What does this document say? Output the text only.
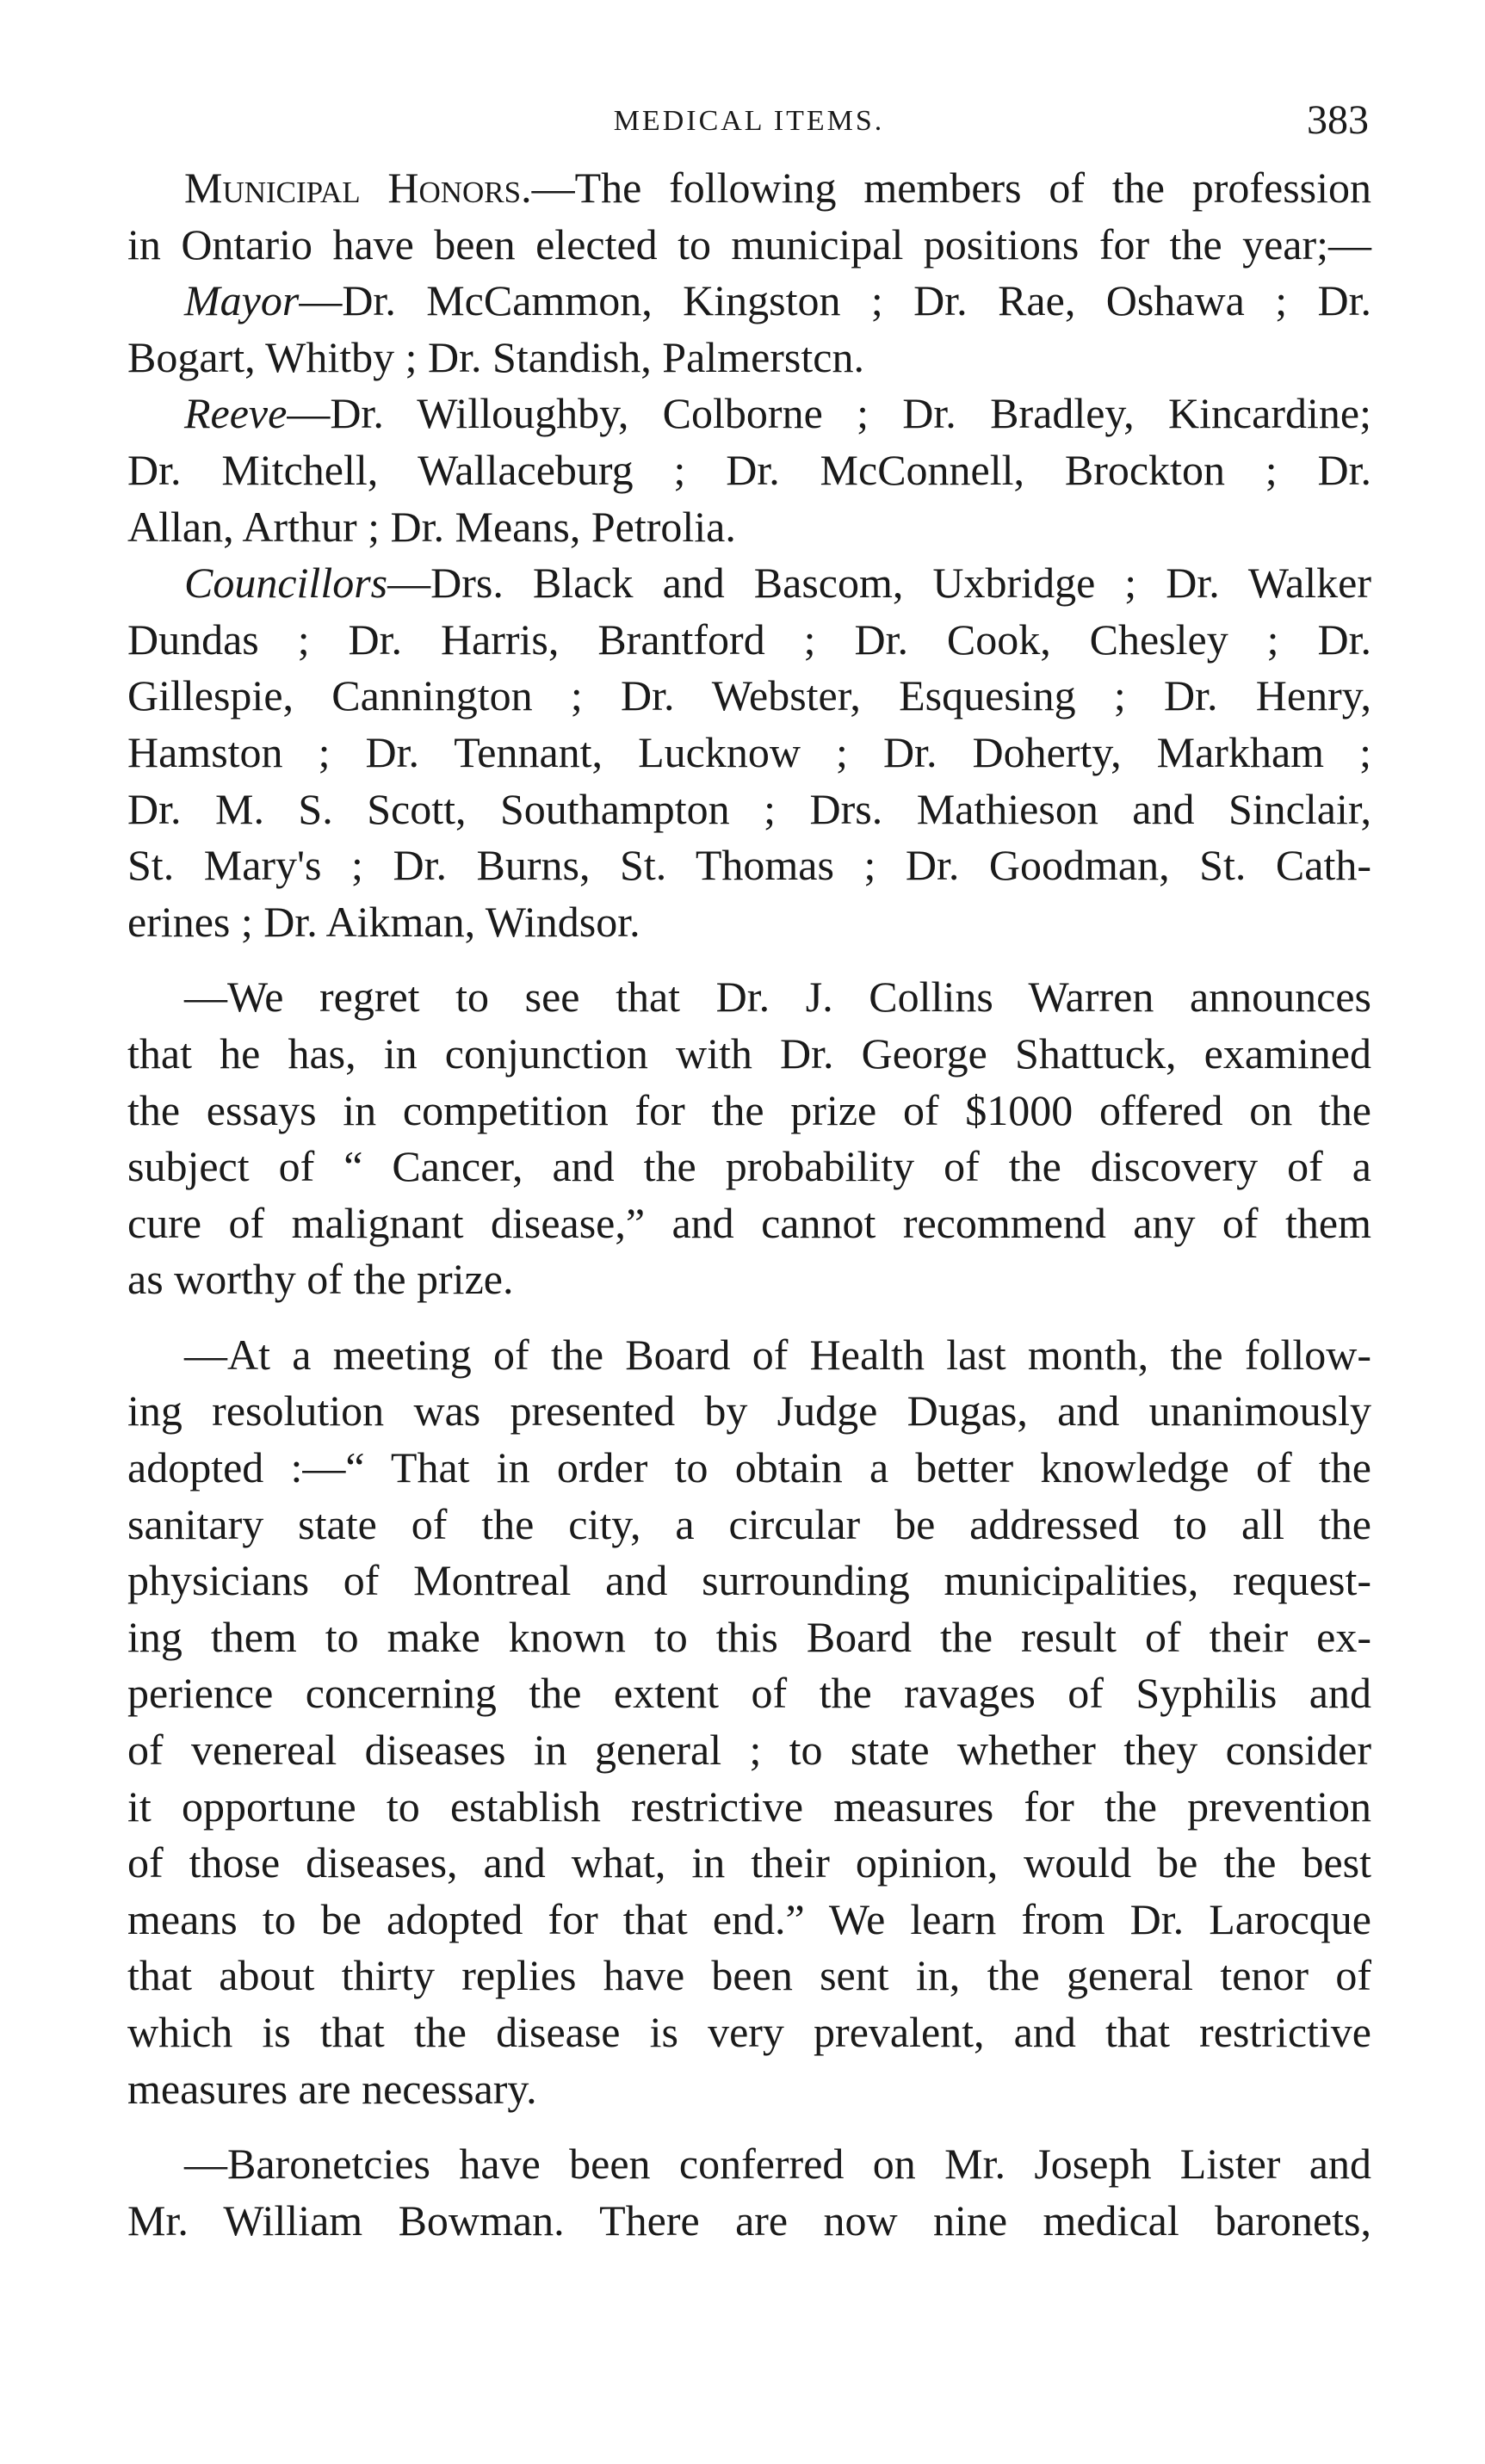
MEDICAL ITEMS.	383
Municipal Honors.—The following members of the profession
in Ontario have been elected to municipal positions for the year;—
Mayor—Dr. McCammon, Kingston ; Dr. Rae, Oshawa ; Dr.
Bogart, Whitby ; Dr. Standish, Palmerstcn.
Reeve—Dr. Willoughby, Colborne ; Dr. Bradley, Kincardine;
Dr. Mitchell, Wallaceburg ; Dr. McConnell, Brockton ; Dr.
Allan, Arthur ; Dr. Means, Petrolia.
Councillors—Drs. Black and Bascom, Uxbridge ; Dr. Walker
Dundas ; Dr. Harris, Brantford ; Dr. Cook, Chesley ; Dr.
Gillespie, Cannington ; Dr. Webster, Esquesing ; Dr. Henry,
Hamston ; Dr. Tennant, Lucknow ; Dr. Doherty, Markham ;
Dr. M. S. Scott, Southampton ; Drs. Mathieson and Sinclair,
St. Mary's ; Dr. Burns, St. Thomas ; Dr. Goodman, St. Cath-
erines ; Dr. Aikman, Windsor.
—We regret to see that Dr. J. Collins Warren announces
that he has, in conjunction with Dr. George Shattuck, examined
the essays in competition for the prize of $1000 offered on the
subject of “ Cancer, and the probability of the discovery of a
cure of malignant disease,” and cannot recommend any of them
as worthy of the prize.
—At a meeting of the Board of Health last month, the follow-
ing resolution was presented by Judge Dugas, and unanimously
adopted :—“ That in order to obtain a better knowledge of the
sanitary state of the city, a circular be addressed to all the
physicians of Montreal and surrounding municipalities, request-
ing them to make known to this Board the result of their ex-
perience concerning the extent of the ravages of Syphilis and
of venereal diseases in general ; to state whether they consider
it opportune to establish restrictive measures for the prevention
of those diseases, and what, in their opinion, would be the best
means to be adopted for that end.” We learn from Dr. Larocque
that about thirty replies have been sent in, the general tenor of
which is that the disease is very prevalent, and that restrictive
measures are necessary.
—Baronetcies have been conferred on Mr. Joseph Lister and
Mr. William Bowman. There are now nine medical baronets,
